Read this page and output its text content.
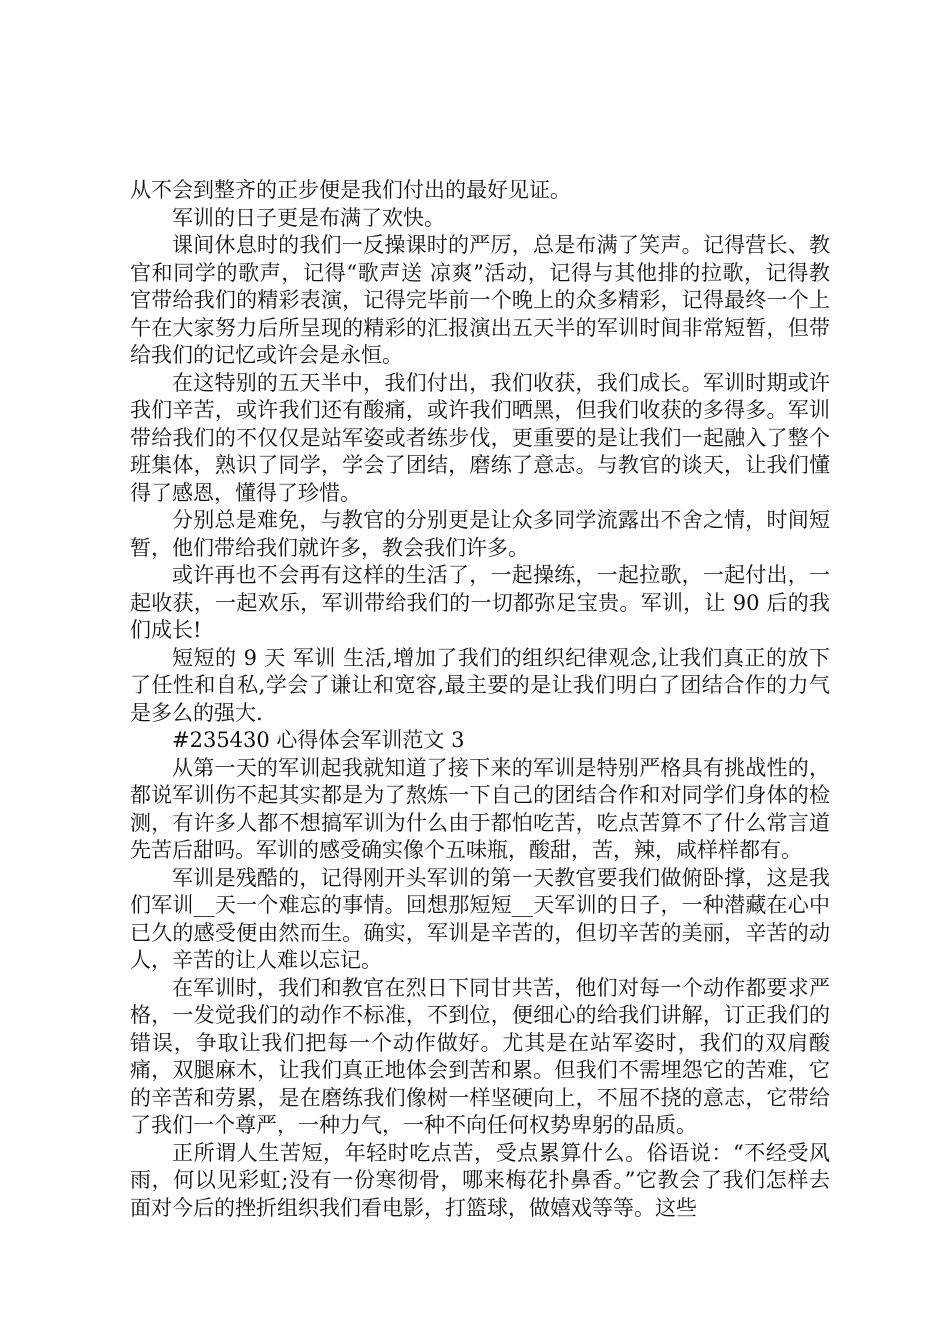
从不会到整齐的正步便是我们付出的最好见证。

军训的日子更是布满了欢快。

课间休息时的我们一反操课时的严厉，总是布满了笑声。记得营长、教官和同学的歌声，记得“歌声送 凉爽”活动，记得与其他排的拉歌，记得教官带给我们的精彩表演，记得完毕前一个晚上的众多精彩，记得最终一个上午在大家努力后所呈现的精彩的汇报演出五天半的军训时间非常短暂，但带给我们的记忆或许会是永恒。

在这特别的五天半中，我们付出，我们收获，我们成长。军训时期或许我们辛苦，或许我们还有酸痛，或许我们晒黑，但我们收获的多得多。军训带给我们的不仅仅是站军姿或者练步伐，更重要的是让我们一起融入了整个班集体，熟识了同学，学会了团结，磨练了意志。与教官的谈天，让我们懂得了感恩，懂得了珍惜。

分别总是难免，与教官的分别更是让众多同学流露出不舍之情，时间短暂，他们带给我们就许多，教会我们许多。

或许再也不会再有这样的生活了，一起操练，一起拉歌，一起付出，一起收获，一起欢乐，军训带给我们的一切都弥足宝贵。军训，让 90 后的我们成长!

短短的 9 天 军训 生活,增加了我们的组织纪律观念,让我们真正的放下了任性和自私,学会了谦让和宽容,最主要的是让我们明白了团结合作的力气是多么的强大.

#235430 心得体会军训范文 3

从第一天的军训起我就知道了接下来的军训是特别严格具有挑战性的，都说军训伤不起其实都是为了熬炼一下自己的团结合作和对同学们身体的检测，有许多人都不想搞军训为什么由于都怕吃苦，吃点苦算不了什么常言道先苦后甜吗。军训的感受确实像个五味瓶，酸甜，苦，辣，咸样样都有。

军训是残酷的，记得刚开头军训的第一天教官要我们做俯卧撑，这是我们军训__天一个难忘的事情。回想那短短__天军训的日子，一种潜藏在心中已久的感受便由然而生。确实，军训是辛苦的，但切辛苦的美丽，辛苦的动人，辛苦的让人难以忘记。

在军训时，我们和教官在烈日下同甘共苦，他们对每一个动作都要求严格，一发觉我们的动作不标准，不到位，便细心的给我们讲解，订正我们的错误，争取让我们把每一个动作做好。尤其是在站军姿时，我们的双肩酸痛，双腿麻木，让我们真正地体会到苦和累。但我们不需埋怨它的苦难，它的辛苦和劳累，是在磨练我们像树一样坚硬向上，不屈不挠的意志，它带给了我们一个尊严，一种力气，一种不向任何权势卑躬的品质。

正所谓人生苦短，年轻时吃点苦，受点累算什么。俗语说：“不经受风雨，何以见彩虹;没有一份寒彻骨，哪来梅花扑鼻香。”它教会了我们怎样去面对今后的挫折组织我们看电影，打篮球，做嬉戏等等。这些
